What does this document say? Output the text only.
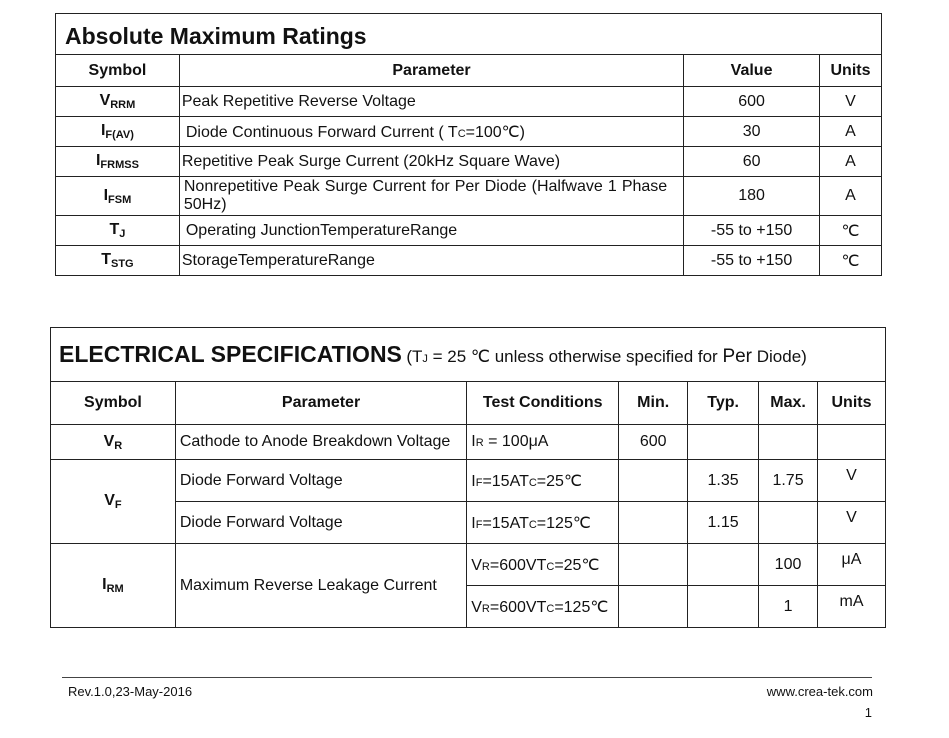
Absolute Maximum Ratings			
Symbol	Parameter	Value	Units
$V_{RRM}$	Peak Repetitive Reverse Voltage	600	V
$I_{F(AV)}$	Diode Continuous Forward Current ( TC=100℃)	30	A
$I_{FRMSS}$	Repetitive Peak Surge Current (20kHz Square Wave)	60	A
$I_{FSM}$	Nonrepetitive Peak Surge Current for Per Diode (Halfwave 1 Phase 50Hz)	180	A
$T_J$	Operating JunctionTemperatureRange	-55 to +150	℃
$T_{STG}$	StorageTemperatureRange	-55 to +150	℃
ELECTRICAL SPECIFICATIONS (TJ = 25 ℃ unless otherwise specified for Per Diode)						
Symbol	Parameter	Test Conditions	Min.	Typ.	Max.	Units
$V_R$	Cathode to Anode Breakdown Voltage	IR = 100μA	600			
$V_F$	Diode Forward Voltage	IF=15ATC=25℃		1.35	1.75	V
	Diode Forward Voltage	IF=15ATC=125℃		1.15		V
$I_{RM}$	Maximum Reverse Leakage Current	VR=600VTC=25℃			100	μA
		VR=600VTC=125℃			1	mA
Rev.1.0,23-May-2016	www.crea-tek.com
1
